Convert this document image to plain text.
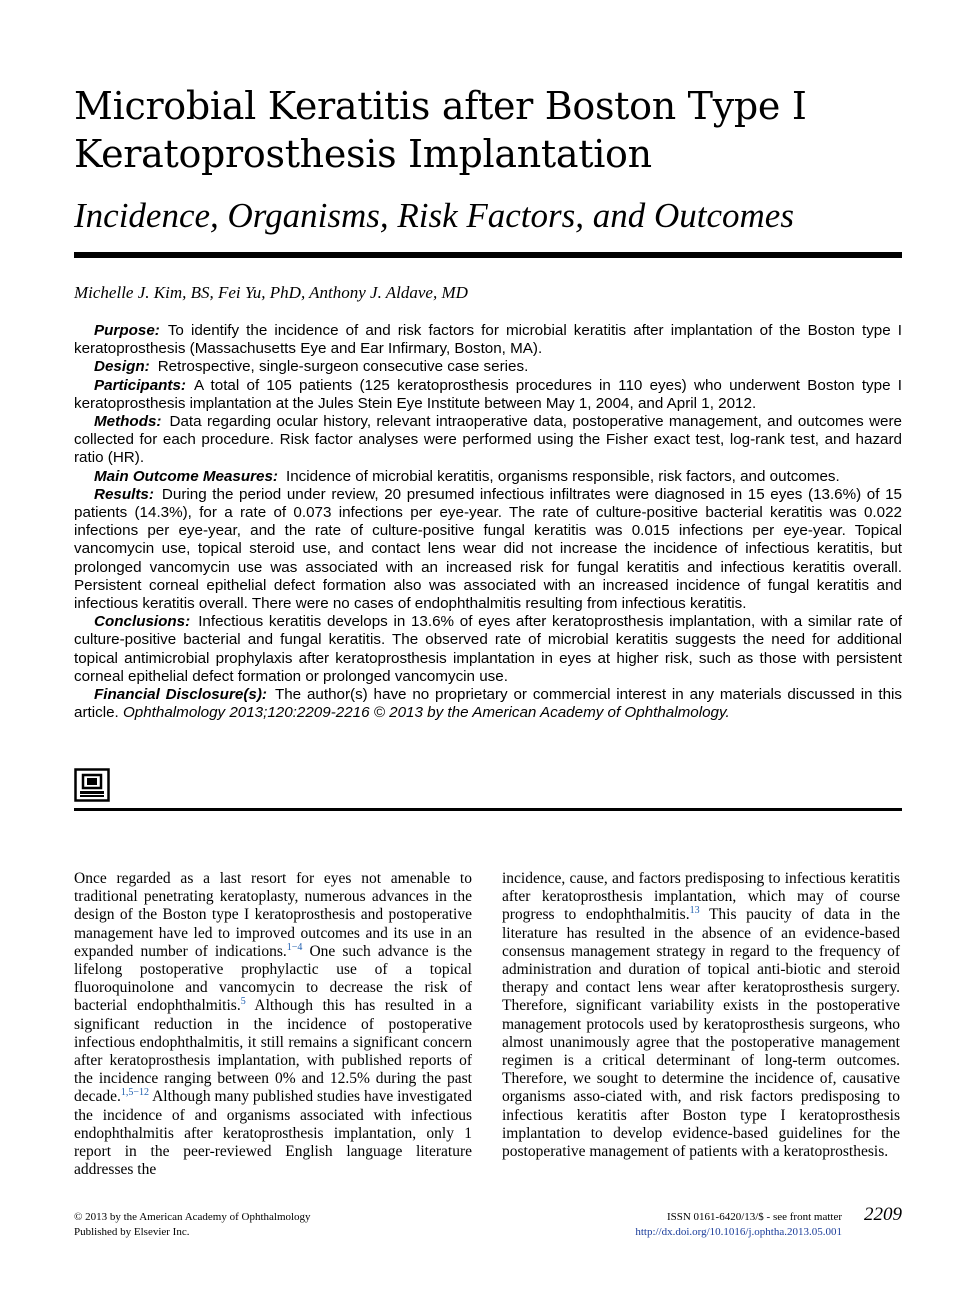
Microbial Keratitis after Boston Type I
Keratoprosthesis Implantation
Incidence, Organisms, Risk Factors, and Outcomes
Michelle J. Kim, BS, Fei Yu, PhD, Anthony J. Aldave, MD

Purpose: To identify the incidence of and risk factors for microbial keratitis after implantation of the Boston type I keratoprosthesis (Massachusetts Eye and Ear Infirmary, Boston, MA).

Design: Retrospective, single-surgeon consecutive case series.

Participants: A total of 105 patients (125 keratoprosthesis procedures in 110 eyes) who underwent Boston type I keratoprosthesis implantation at the Jules Stein Eye Institute between May 1, 2004, and April 1, 2012.

Methods: Data regarding ocular history, relevant intraoperative data, postoperative management, and outcomes were collected for each procedure. Risk factor analyses were performed using the Fisher exact test, log-rank test, and hazard ratio (HR).

Main Outcome Measures: Incidence of microbial keratitis, organisms responsible, risk factors, and outcomes.

Results: During the period under review, 20 presumed infectious infiltrates were diagnosed in 15 eyes (13.6%) of 15 patients (14.3%), for a rate of 0.073 infections per eye-year. The rate of culture-positive bacterial keratitis was 0.022 infections per eye-year, and the rate of culture-positive fungal keratitis was 0.015 infections per eye-year. Topical vancomycin use, topical steroid use, and contact lens wear did not increase the incidence of infectious keratitis, but prolonged vancomycin use was associated with an increased risk for fungal keratitis and infectious keratitis overall. Persistent corneal epithelial defect formation also was associated with an increased incidence of fungal keratitis and infectious keratitis overall. There were no cases of endophthalmitis resulting from infectious keratitis.

Conclusions: Infectious keratitis develops in 13.6% of eyes after keratoprosthesis implantation, with a similar rate of culture-positive bacterial and fungal keratitis. The observed rate of microbial keratitis suggests the need for additional topical antimicrobial prophylaxis after keratoprosthesis implantation in eyes at higher risk, such as those with persistent corneal epithelial defect formation or prolonged vancomycin use.

Financial Disclosure(s): The author(s) have no proprietary or commercial interest in any materials discussed in this article. Ophthalmology 2013;120:2209-2216 © 2013 by the American Academy of Ophthalmology.

Once regarded as a last resort for eyes not amenable to traditional penetrating keratoplasty, numerous advances in the design of the Boston type I keratoprosthesis and postoperative management have led to improved outcomes and its use in an expanded number of indications.$^{1-4}$ One such advance is the lifelong postoperative prophylactic use of a topical fluoroquinolone and vancomycin to decrease the risk of bacterial endophthalmitis.$^5$ Although this has resulted in a significant reduction in the incidence of postoperative infectious endophthalmitis, it still remains a significant concern after keratoprosthesis implantation, with published reports of the incidence ranging between 0% and 12.5% during the past decade.$^{1,5-12}$ Although many published studies have investigated the incidence of and organisms associated with infectious endophthalmitis after keratoprosthesis implantation, only 1 report in the peer-reviewed English language literature addresses the

incidence, cause, and factors predisposing to infectious keratitis after keratoprosthesis implantation, which may of course progress to endophthalmitis.$^{13}$ This paucity of data in the literature has resulted in the absence of an evidence-based consensus management strategy in regard to the frequency of administration and duration of topical anti-biotic and steroid therapy and contact lens wear after keratoprosthesis surgery. Therefore, significant variability exists in the postoperative management protocols used by keratoprosthesis surgeons, who almost unanimously agree that the postoperative management regimen is a critical determinant of long-term outcomes. Therefore, we sought to determine the incidence of, causative organisms asso-ciated with, and risk factors predisposing to infectious keratitis after Boston type I keratoprosthesis implantation to develop evidence-based guidelines for the postoperative management of patients with a keratoprosthesis.

© 2013 by the American Academy of Ophthalmology
Published by Elsevier Inc.
ISSN 0161-6420/13/$ - see front matter
http://dx.doi.org/10.1016/j.ophtha.2013.05.001
2209
